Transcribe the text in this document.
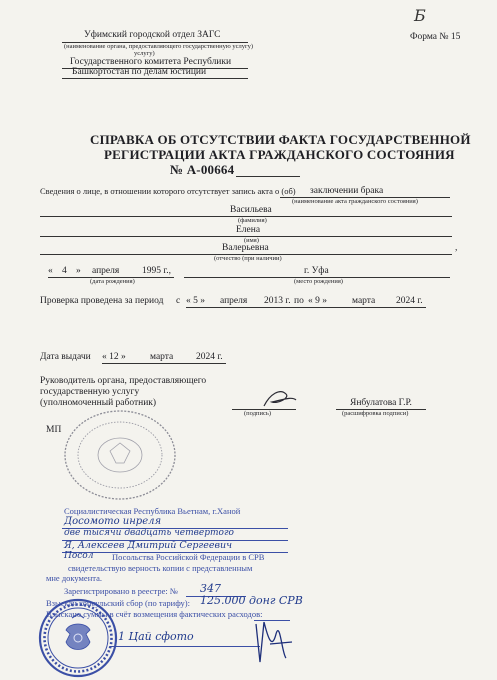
Уфимский городской отдел ЗАГС
(наименование органа, предоставляющего государственную услугу)
услугу)
Государственного комитета Республики
Башкортостан по делам юстиции
Форма № 15
Б
СПРАВКА ОБ ОТСУТСТВИИ ФАКТА ГОСУДАРСТВЕННОЙ
РЕГИСТРАЦИИ АКТА ГРАЖДАНСКОГО СОСТОЯНИЯ
№ А-00664
Сведения о лице, в отношении которого отсутствует запись акта о (об) заключении брака
(наименование акта гражданского состояния)
Васильева
(фамилия)
Елена
(имя)
Валерьевна	,
(отчество (при наличии)
« 4 » апреля 1995 г.,
(дата рождения)
г. Уфа
(место рождения)
Проверка проведена за период с « 5 » апреля 2013 г. по « 9 »	марта 2024 г.
Дата выдачи « 12 »	марта 2024 г.
Руководитель органа, предоставляющего
государственную услугу
(уполномоченный работник)
(подпись)
Янбулатова Г.Р.
(расшифровка подписи)
МП
Социалистическая Республика Вьетнам, г.Ханой
Досомото инреля
две тысячи двадцать четвертого
Я, Алексеев Дмитрий Сергеевич
Посол Посольства Российской Федерации в СРВ
свидетельствую верность копии с представленным
мне документа.
Зарегистрировано в реестре: № 347
Взыскан консульский сбор (по тарифу): 125.000 донг СРВ
Взыскано суммы в счёт возмещения фактических расходов:
1 Цай сфото
